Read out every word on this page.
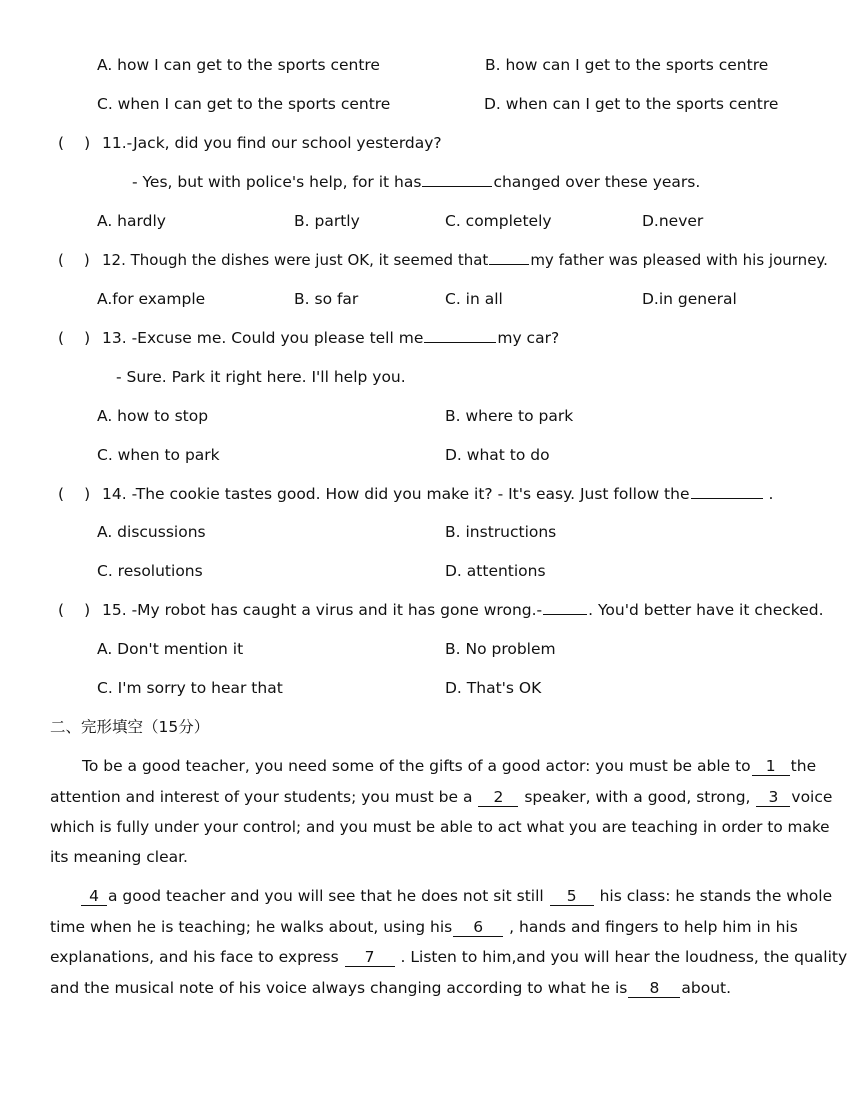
A. how I can get to the sports centre	B. how can I get to the sports centre
C. when I can get to the sports centre	D. when can I get to the sports centre
( ) 11.-Jack, did you find our school yesterday?
- Yes, but with police's help, for it has	changed over these years.
A. hardly	B. partly	C. completely	D.never
( ) 12. Though the dishes were just OK, it seemed that	my father was pleased with his journey.
A.for example	B. so far	C. in all	D.in general
( ) 13. -Excuse me. Could you please tell me	my car?
- Sure. Park it right here. I'll help you.
A. how to stop	B. where to park
C. when to park	D. what to do
( ) 14. -The cookie tastes good. How did you make it? - It's easy. Just follow the	.
A. discussions	B. instructions
C. resolutions	D. attentions
( ) 15. -My robot has caught a virus and it has gone wrong.-	. You'd better have it checked.
A. Don't mention it	B. No problem
C. I'm sorry to hear that	D. That's OK
二、完形填空（15分）
To be a good teacher, you need some of the gifts of a good actor: you must be able to 1 the
attention and interest of your students; you must be a 2 speaker, with a good, strong, 3 voice
which is fully under your control; and you must be able to act what you are teaching in order to make
its meaning clear.
4 a good teacher and you will see that he does not sit still 5 his class: he stands the whole
time when he is teaching; he walks about, using his 6 , hands and fingers to help him in his
explanations, and his face to express 7 . Listen to him,and you will hear the loudness, the quality
and the musical note of his voice always changing according to what he is 8 about.
